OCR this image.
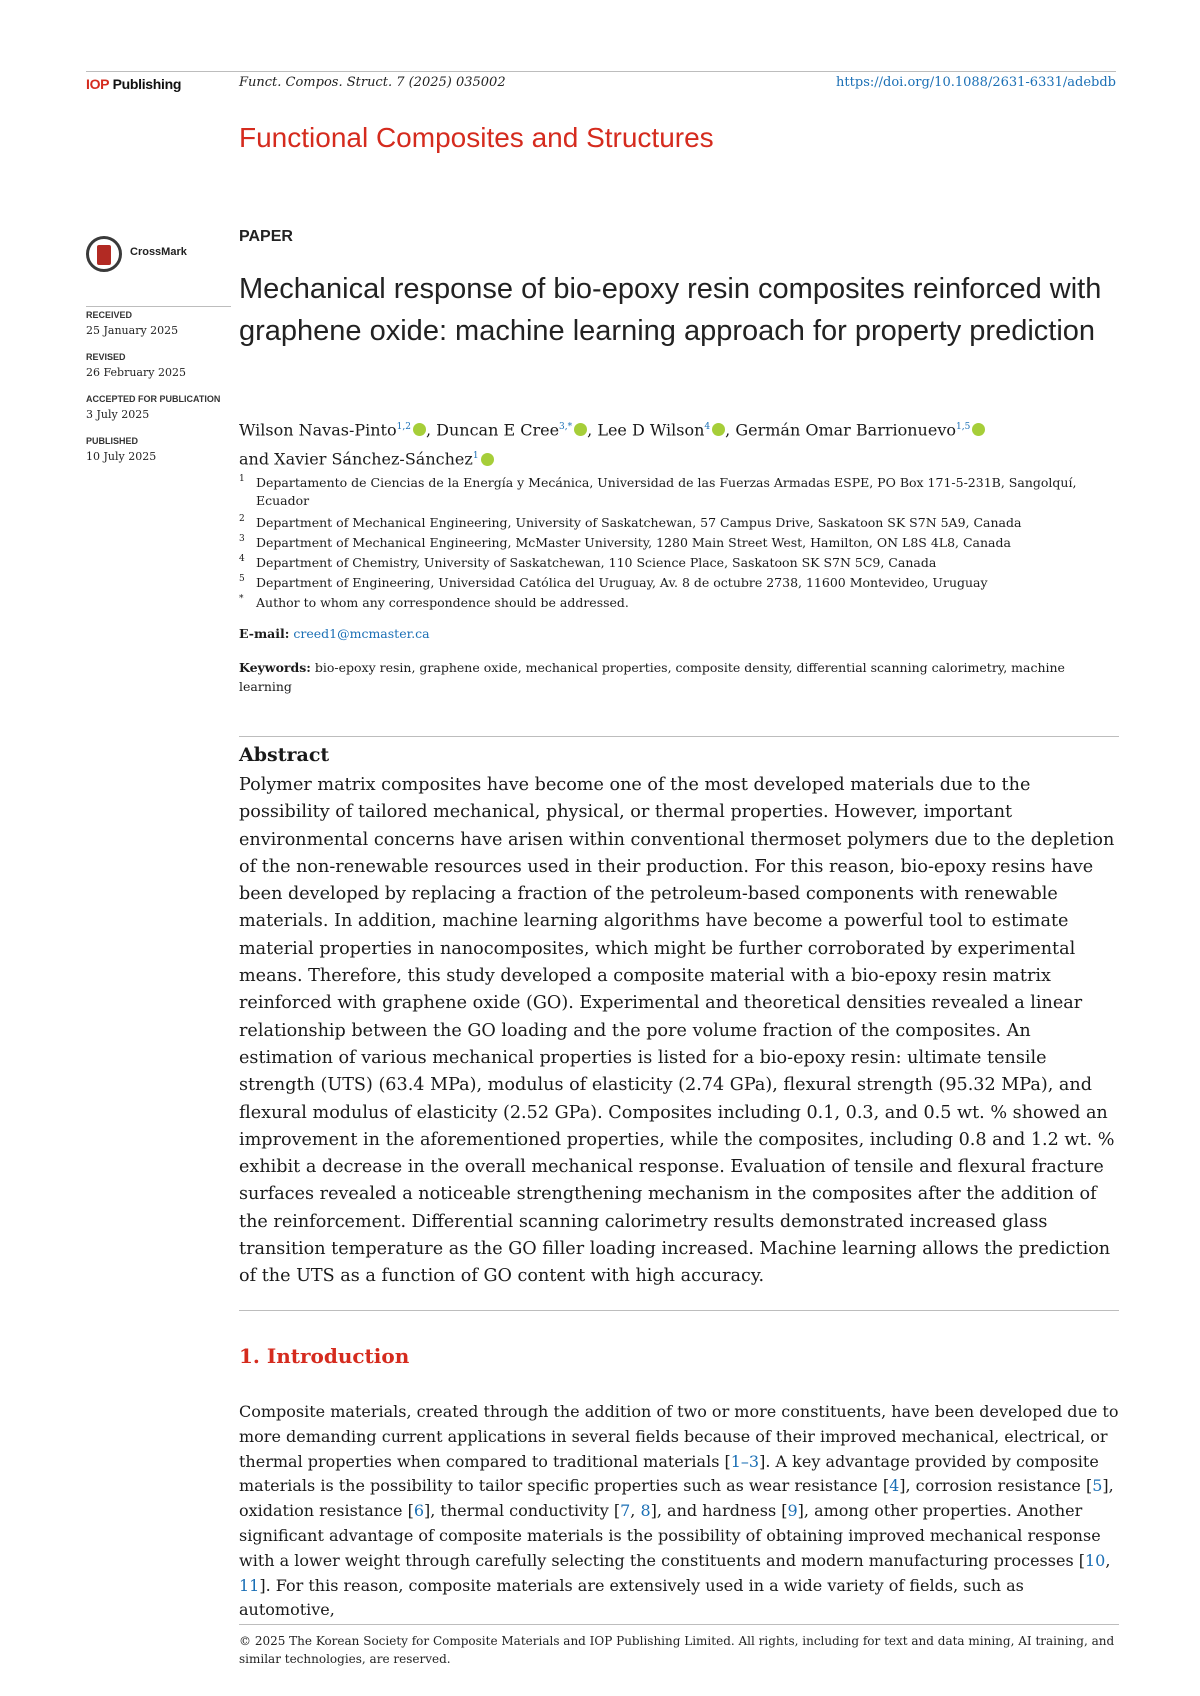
IOP Publishing	Funct. Compos. Struct. 7 (2025) 035002	https://doi.org/10.1088/2631-6331/adebdb
Functional Composites and Structures
CrossMark
RECEIVED
25 January 2025
REVISED
26 February 2025
ACCEPTED FOR PUBLICATION
3 July 2025
PUBLISHED
10 July 2025
PAPER
Mechanical response of bio-epoxy resin composites reinforced with graphene oxide: machine learning approach for property prediction
Wilson Navas-Pinto$^{1,2}$ , Duncan E Cree$^{3,*}$ , Lee D Wilson$^4$ , Germán Omar Barrionuevo$^{1,5}$
and Xavier Sánchez-Sánchez$^1$
1 Departamento de Ciencias de la Energía y Mecánica, Universidad de las Fuerzas Armadas ESPE, PO Box 171-5-231B, Sangolquí, Ecuador
2 Department of Mechanical Engineering, University of Saskatchewan, 57 Campus Drive, Saskatoon SK S7N 5A9, Canada
3 Department of Mechanical Engineering, McMaster University, 1280 Main Street West, Hamilton, ON L8S 4L8, Canada
4 Department of Chemistry, University of Saskatchewan, 110 Science Place, Saskatoon SK S7N 5C9, Canada
5 Department of Engineering, Universidad Católica del Uruguay, Av. 8 de octubre 2738, 11600 Montevideo, Uruguay
* Author to whom any correspondence should be addressed.
E-mail: creed1@mcmaster.ca
Keywords: bio-epoxy resin, graphene oxide, mechanical properties, composite density, differential scanning calorimetry, machine learning
Abstract
Polymer matrix composites have become one of the most developed materials due to the possibility of tailored mechanical, physical, or thermal properties. However, important environmental concerns have arisen within conventional thermoset polymers due to the depletion of the non-renewable resources used in their production. For this reason, bio-epoxy resins have been developed by replacing a fraction of the petroleum-based components with renewable materials. In addition, machine learning algorithms have become a powerful tool to estimate material properties in nanocomposites, which might be further corroborated by experimental means. Therefore, this study developed a composite material with a bio-epoxy resin matrix reinforced with graphene oxide (GO). Experimental and theoretical densities revealed a linear relationship between the GO loading and the pore volume fraction of the composites. An estimation of various mechanical properties is listed for a bio-epoxy resin: ultimate tensile strength (UTS) (63.4 MPa), modulus of elasticity (2.74 GPa), flexural strength (95.32 MPa), and flexural modulus of elasticity (2.52 GPa). Composites including 0.1, 0.3, and 0.5 wt. % showed an improvement in the aforementioned properties, while the composites, including 0.8 and 1.2 wt. % exhibit a decrease in the overall mechanical response. Evaluation of tensile and flexural fracture surfaces revealed a noticeable strengthening mechanism in the composites after the addition of the reinforcement. Differential scanning calorimetry results demonstrated increased glass transition temperature as the GO filler loading increased. Machine learning allows the prediction of the UTS as a function of GO content with high accuracy.
1. Introduction
Composite materials, created through the addition of two or more constituents, have been developed due to more demanding current applications in several fields because of their improved mechanical, electrical, or thermal properties when compared to traditional materials [1–3]. A key advantage provided by composite materials is the possibility to tailor specific properties such as wear resistance [4], corrosion resistance [5], oxidation resistance [6], thermal conductivity [7, 8], and hardness [9], among other properties. Another significant advantage of composite materials is the possibility of obtaining improved mechanical response with a lower weight through carefully selecting the constituents and modern manufacturing processes [10, 11]. For this reason, composite materials are extensively used in a wide variety of fields, such as automotive,
© 2025 The Korean Society for Composite Materials and IOP Publishing Limited. All rights, including for text and data mining, AI training, and similar technologies, are reserved.
